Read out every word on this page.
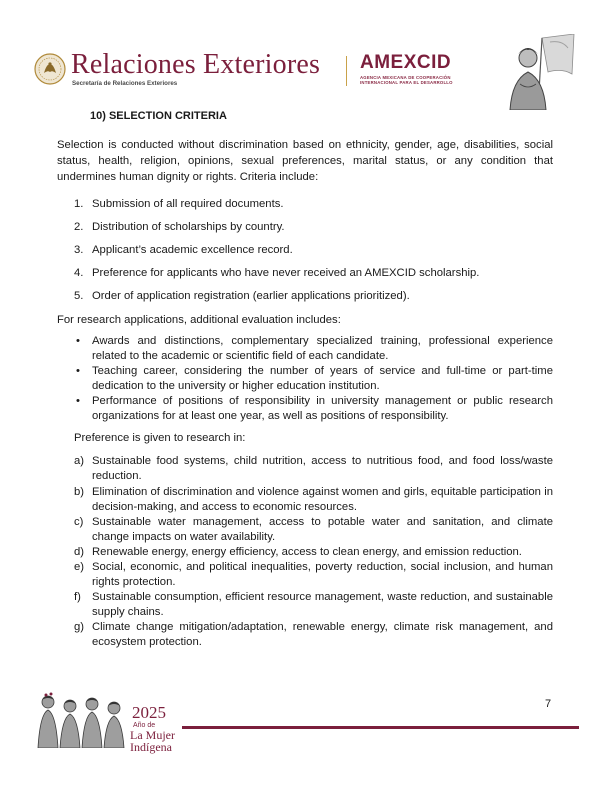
Relaciones Exteriores
Secretaría de Relaciones Exteriores
AMEXCID
AGENCIA MEXICANA DE COOPERACIÓN
INTERNACIONAL PARA EL DESARROLLO
10) SELECTION CRITERIA

Selection is conducted without discrimination based on ethnicity, gender, age, disabilities, social status, health, religion, opinions, sexual preferences, marital status, or any condition that undermines human dignity or rights. Criteria include:

1. Submission of all required documents.
2. Distribution of scholarships by country.
3. Applicant’s academic excellence record.
4. Preference for applicants who have never received an AMEXCID scholarship.
5. Order of application registration (earlier applications prioritized).

For research applications, additional evaluation includes:

• Awards and distinctions, complementary specialized training, professional experience related to the academic or scientific field of each candidate.
• Teaching career, considering the number of years of service and full-time or part-time dedication to the university or higher education institution.
• Performance of positions of responsibility in university management or public research organizations for at least one year, as well as positions of responsibility.
Preference is given to research in:
a) Sustainable food systems, child nutrition, access to nutritious food, and food loss/waste reduction.
b) Elimination of discrimination and violence against women and girls, equitable participation in decision-making, and access to economic resources.
c) Sustainable water management, access to potable water and sanitation, and climate change impacts on water availability.
d) Renewable energy, energy efficiency, access to clean energy, and emission reduction.
e) Social, economic, and political inequalities, poverty reduction, social inclusion, and human rights protection.
f) Sustainable consumption, efficient resource management, waste reduction, and sustainable supply chains.
g) Climate change mitigation/adaptation, renewable energy, climate risk management, and ecosystem protection.
2025
Año de
La Mujer
Indígena
7
